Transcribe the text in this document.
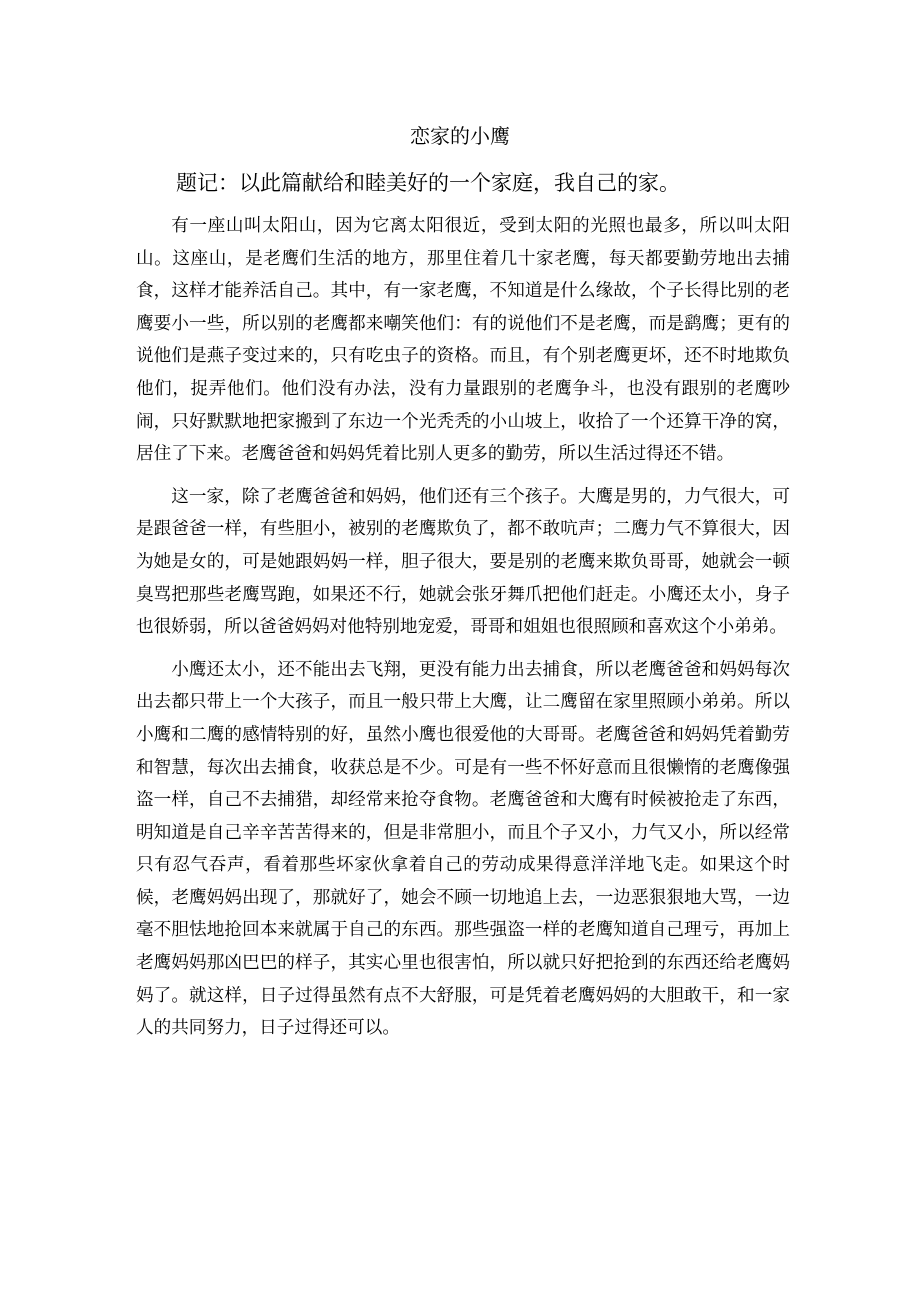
恋家的小鹰
题记：以此篇献给和睦美好的一个家庭，我自己的家。

有一座山叫太阳山，因为它离太阳很近，受到太阳的光照也最多，所以叫太阳山。这座山，是老鹰们生活的地方，那里住着几十家老鹰，每天都要勤劳地出去捕食，这样才能养活自己。其中，有一家老鹰，不知道是什么缘故，个子长得比别的老鹰要小一些，所以别的老鹰都来嘲笑他们：有的说他们不是老鹰，而是鹞鹰；更有的说他们是燕子变过来的，只有吃虫子的资格。而且，有个别老鹰更坏，还不时地欺负他们，捉弄他们。他们没有办法，没有力量跟别的老鹰争斗，也没有跟别的老鹰吵闹，只好默默地把家搬到了东边一个光秃秃的小山坡上，收拾了一个还算干净的窝，居住了下来。老鹰爸爸和妈妈凭着比别人更多的勤劳，所以生活过得还不错。

这一家，除了老鹰爸爸和妈妈，他们还有三个孩子。大鹰是男的，力气很大，可是跟爸爸一样，有些胆小，被别的老鹰欺负了，都不敢吭声；二鹰力气不算很大，因为她是女的，可是她跟妈妈一样，胆子很大，要是别的老鹰来欺负哥哥，她就会一顿臭骂把那些老鹰骂跑，如果还不行，她就会张牙舞爪把他们赶走。小鹰还太小，身子也很娇弱，所以爸爸妈妈对他特别地宠爱，哥哥和姐姐也很照顾和喜欢这个小弟弟。

小鹰还太小，还不能出去飞翔，更没有能力出去捕食，所以老鹰爸爸和妈妈每次出去都只带上一个大孩子，而且一般只带上大鹰，让二鹰留在家里照顾小弟弟。所以小鹰和二鹰的感情特别的好，虽然小鹰也很爱他的大哥哥。老鹰爸爸和妈妈凭着勤劳和智慧，每次出去捕食，收获总是不少。可是有一些不怀好意而且很懒惰的老鹰像强盗一样，自己不去捕猎，却经常来抢夺食物。老鹰爸爸和大鹰有时候被抢走了东西，明知道是自己辛辛苦苦得来的，但是非常胆小，而且个子又小，力气又小，所以经常只有忍气吞声，看着那些坏家伙拿着自己的劳动成果得意洋洋地飞走。如果这个时候，老鹰妈妈出现了，那就好了，她会不顾一切地追上去，一边恶狠狠地大骂，一边毫不胆怯地抢回本来就属于自己的东西。那些强盗一样的老鹰知道自己理亏，再加上老鹰妈妈那凶巴巴的样子，其实心里也很害怕，所以就只好把抢到的东西还给老鹰妈妈了。就这样，日子过得虽然有点不大舒服，可是凭着老鹰妈妈的大胆敢干，和一家人的共同努力，日子过得还可以。
